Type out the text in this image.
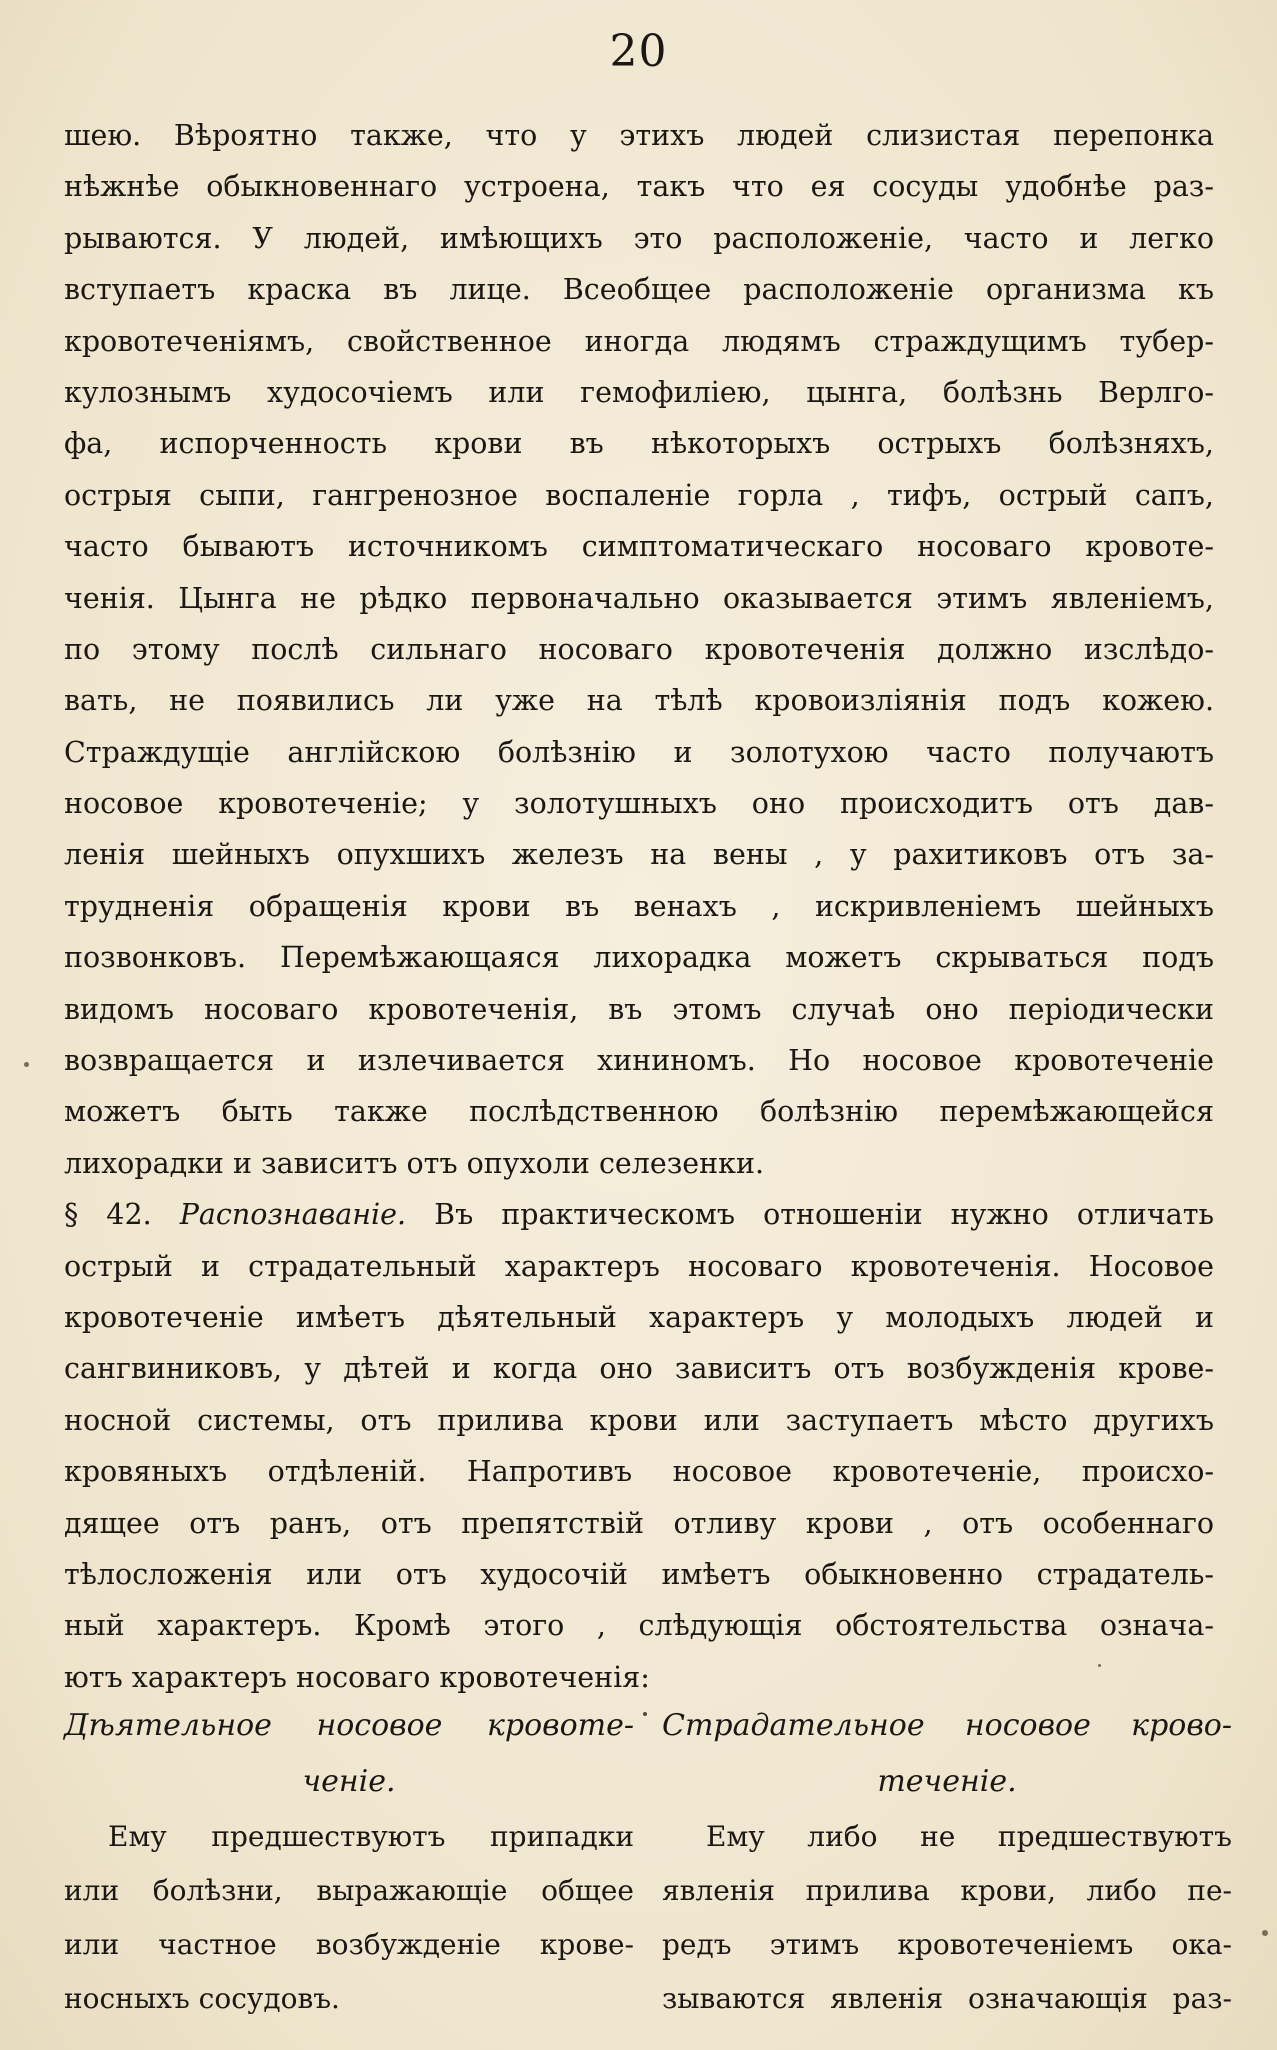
20
шею. Вѣроятно также, что у этихъ людей слизистая перепонка
нѣжнѣе обыкновеннаго устроена, такъ что ея сосуды удобнѣе раз-
рываются. У людей, имѣющихъ это расположеніе, часто и легко
вступаетъ краска въ лице. Всеобщее расположеніе организма къ
кровотеченіямъ, свойственное иногда людямъ страждущимъ тубер-
кулознымъ худосочіемъ или гемофиліею, цынга, болѣзнь Верлго-
фа, испорченность крови въ нѣкоторыхъ острыхъ болѣзняхъ,
острыя сыпи, гангренозное воспаленіе горла , тифъ, острый сапъ,
часто бываютъ источникомъ симптоматическаго носоваго кровоте-
ченія. Цынга не рѣдко первоначально оказывается этимъ явленіемъ,
по этому послѣ сильнаго носоваго кровотеченія должно изслѣдо-
вать, не появились ли уже на тѣлѣ кровоизліянія подъ кожею.
Страждущіе англійскою болѣзнію и золотухою часто получаютъ
носовое кровотеченіе; у золотушныхъ оно происходитъ отъ дав-
ленія шейныхъ опухшихъ железъ на вены , у рахитиковъ отъ за-
трудненія обращенія крови въ венахъ , искривленіемъ шейныхъ
позвонковъ. Перемѣжающаяся лихорадка можетъ скрываться подъ
видомъ носоваго кровотеченія, въ этомъ случаѣ оно періодически
возвращается и излечивается хининомъ. Но носовое кровотеченіе
можетъ быть также послѣдственною болѣзнію перемѣжающейся
лихорадки и зависитъ отъ опухоли селезенки.
§ 42. Распознаваніе. Въ практическомъ отношеніи нужно отличать
острый и страдательный характеръ носоваго кровотеченія. Носовое
кровотеченіе имѣетъ дѣятельный характеръ у молодыхъ людей и
сангвиниковъ, у дѣтей и когда оно зависитъ отъ возбужденія крове-
носной системы, отъ прилива крови или заступаетъ мѣсто другихъ
кровяныхъ отдѣленій. Напротивъ носовое кровотеченіе, происхо-
дящее отъ ранъ, отъ препятствій отливу крови , отъ особеннаго
тѣлосложенія или отъ худосочій имѣетъ обыкновенно страдатель-
ный характеръ. Кромѣ этого , слѣдующія обстоятельства означа-
ютъ характеръ носоваго кровотеченія:
Дѣятельное носовое кровоте-
ченіе.
Ему предшествуютъ припадки
или болѣзни, выражающіе общее
или частное возбужденіе крове-
носныхъ сосудовъ.
Страдательное носовое крово-
теченіе.
Ему либо не предшествуютъ
явленія прилива крови, либо пе-
редъ этимъ кровотеченіемъ ока-
зываются явленія означающія раз-
